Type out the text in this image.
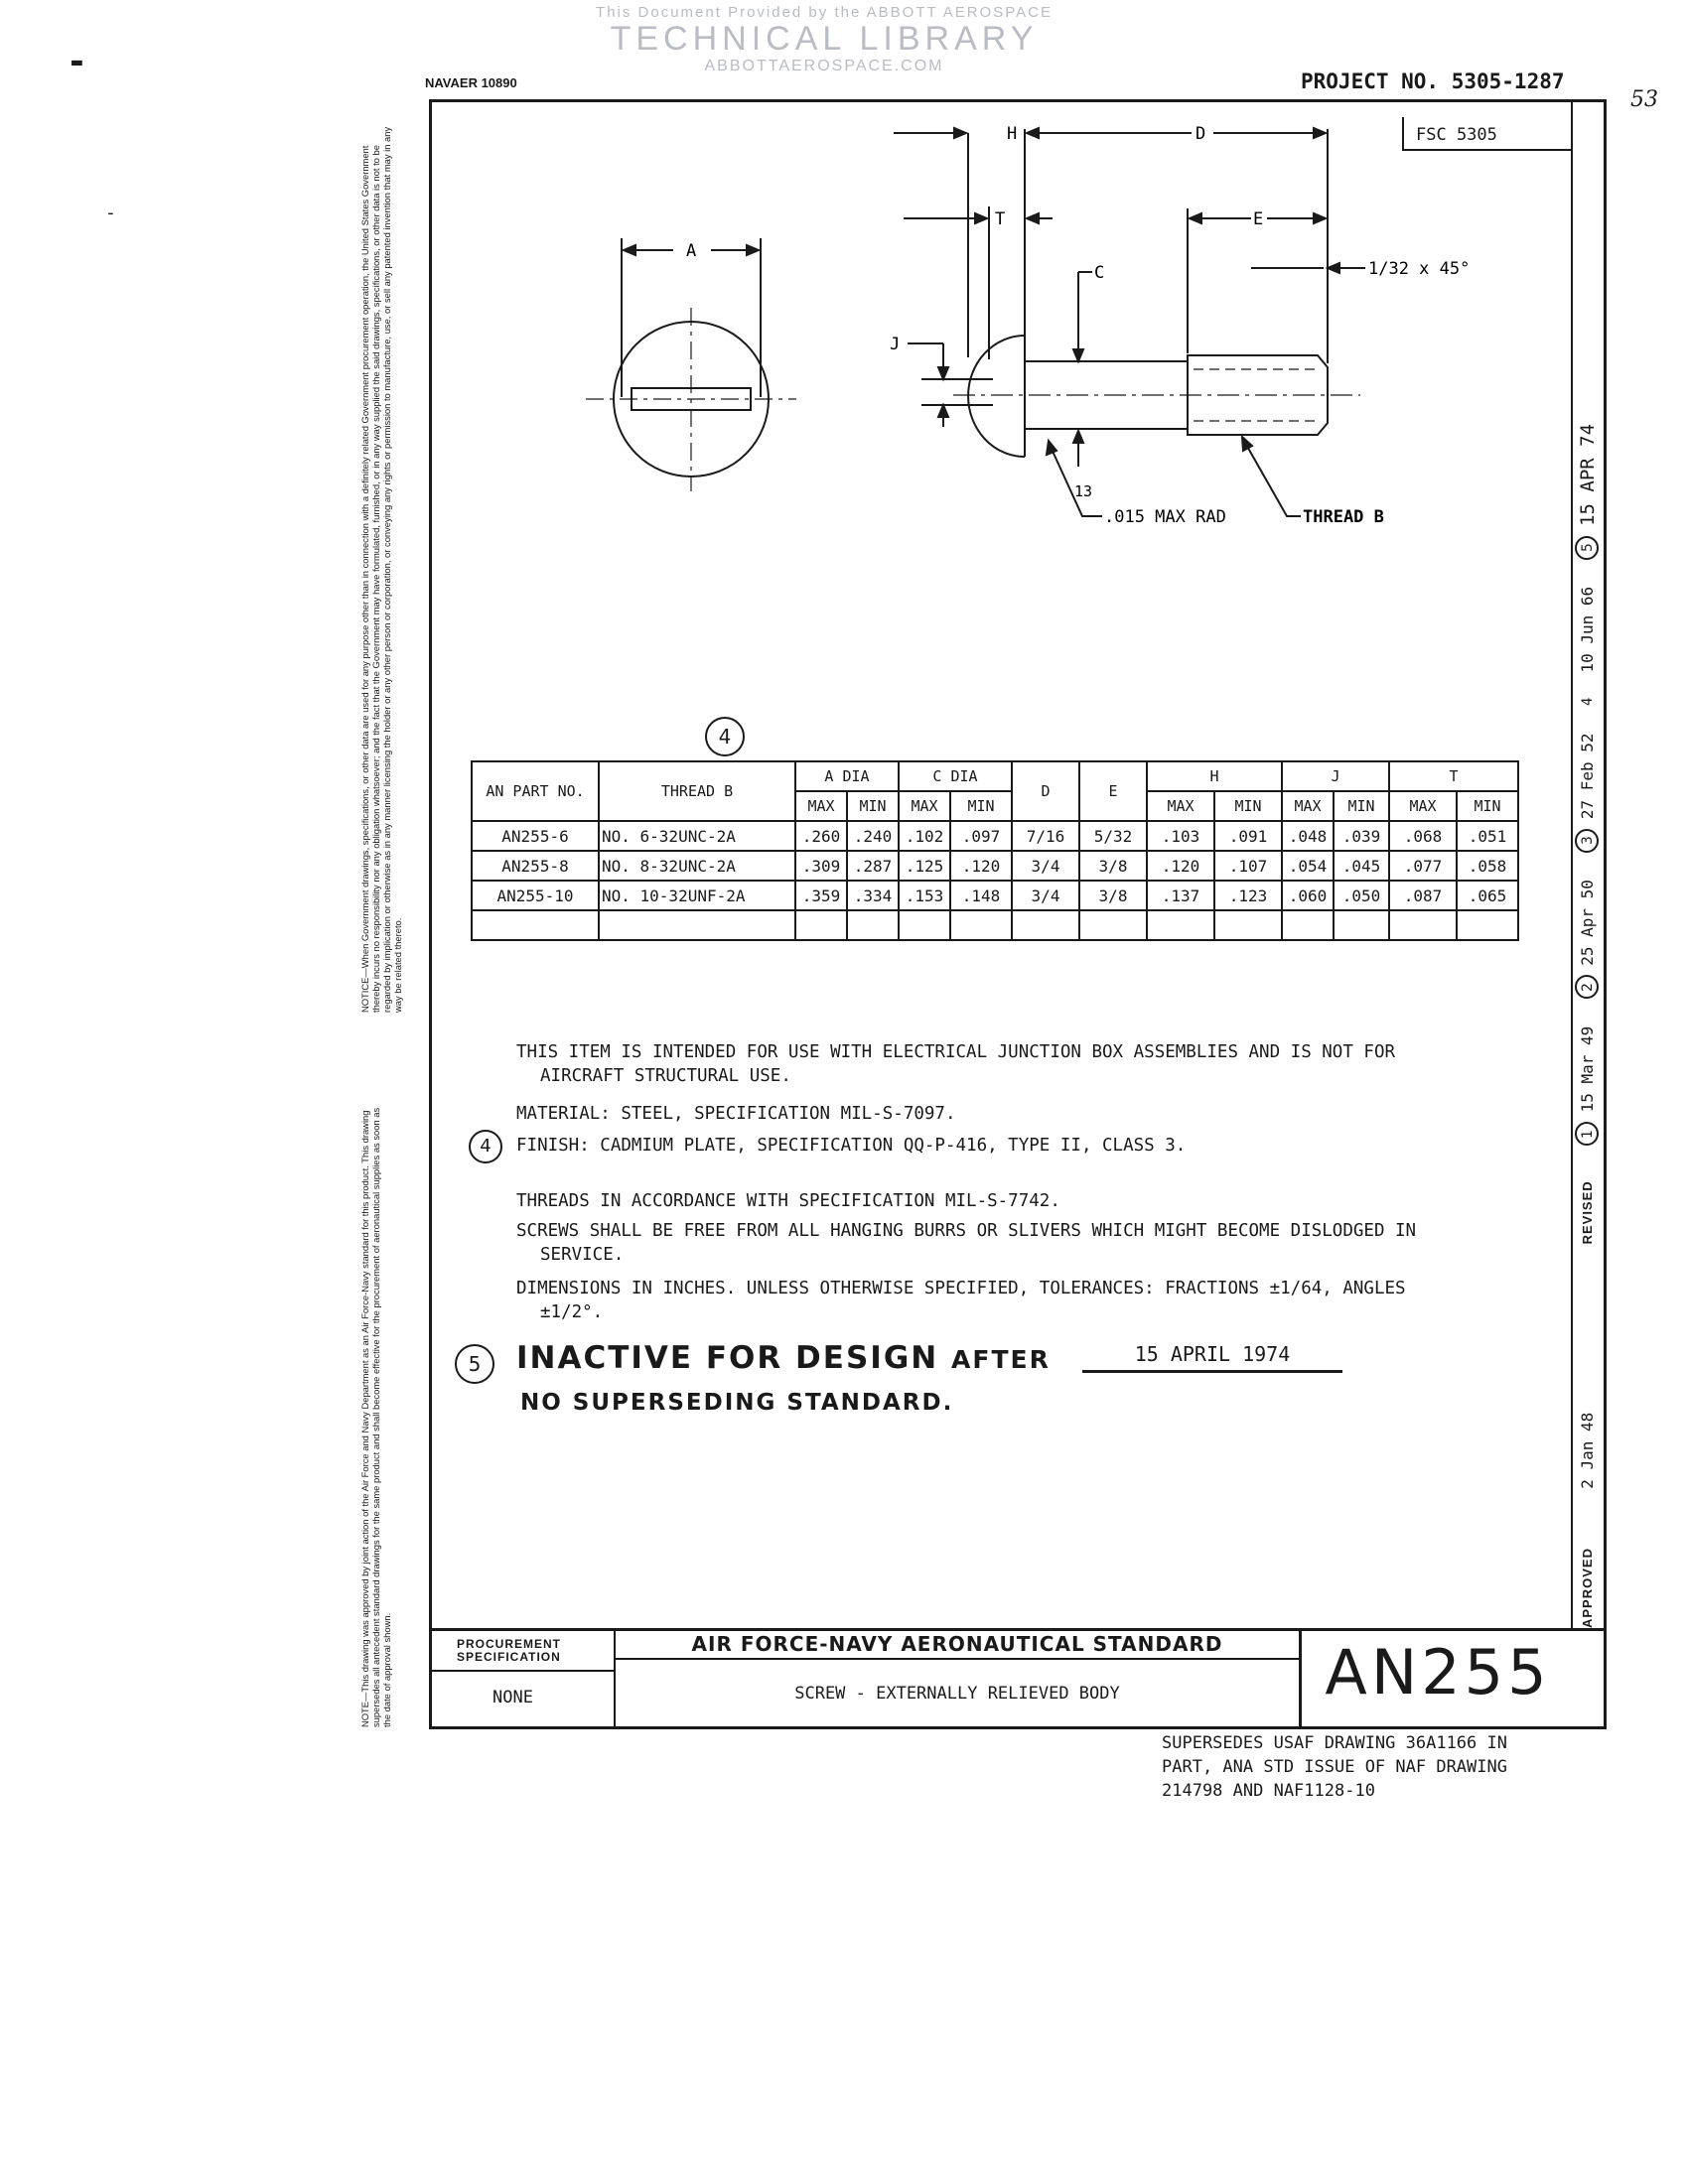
This Document Provided by the ABBOTT AEROSPACE
TECHNICAL LIBRARY
ABBOTTAEROSPACE.COM
▬
-
NAVAER 10890	PROJECT NO. 5305-1287
53
NOTICE—When Government drawings, specifications, or other data are used for any purpose other than in connection with a definitely related Government procurement operation, the United States Government thereby incurs no responsibility nor any obligation whatsoever; and the fact that the Government may have formulated, furnished, or in any way supplied the said drawings, specifications, or other data is not to be regarded by implication or otherwise as in any manner licensing the holder or any other person or corporation, or conveying any rights or permission to manufacture, use, or sell any patented invention that may in any way be related thereto.
NOTE—This drawing was approved by joint action of the Air Force and Navy Department as an Air Force-Navy standard for this product. This drawing supersedes all antecedent standard drawings for the same product and shall become effective for the procurement of aeronautical supplies as soon as the date of approval shown.
FSC 5305
APPROVED  2 Jan 48  REVISED  1 15 Mar 49  2 25 Apr 50  3 27 Feb 52  4 10 Jun 66  5 15 APR 74
A
H	D
T	E
1/32 x 45°
C
J
13
.015 MAX RAD	THREAD B
4
AN PART NO.	THREAD B	A DIA		C DIA		D	E	H		J		T	
		MAX	MIN	MAX	MIN			MAX	MIN	MAX	MIN	MAX	MIN
AN255-6	NO. 6-32UNC-2A	.260	.240	.102	.097	7/16	5/32	.103	.091	.048	.039	.068	.051
AN255-8	NO. 8-32UNC-2A	.309	.287	.125	.120	3/4	3/8	.120	.107	.054	.045	.077	.058
AN255-10	NO. 10-32UNF-2A	.359	.334	.153	.148	3/4	3/8	.137	.123	.060	.050	.087	.065

THIS ITEM IS INTENDED FOR USE WITH ELECTRICAL JUNCTION BOX ASSEMBLIES AND IS NOT FOR
AIRCRAFT STRUCTURAL USE.
MATERIAL: STEEL, SPECIFICATION MIL-S-7097.
4	FINISH: CADMIUM PLATE, SPECIFICATION QQ-P-416, TYPE II, CLASS 3.
THREADS IN ACCORDANCE WITH SPECIFICATION MIL-S-7742.
SCREWS SHALL BE FREE FROM ALL HANGING BURRS OR SLIVERS WHICH MIGHT BECOME DISLODGED IN
SERVICE.
DIMENSIONS IN INCHES. UNLESS OTHERWISE SPECIFIED, TOLERANCES: FRACTIONS ±1/64, ANGLES
±1/2°.
5	INACTIVE FOR DESIGN AFTER	15 APRIL 1974
NO SUPERSEDING STANDARD.
PROCUREMENT SPECIFICATION
NONE
AIR FORCE-NAVY AERONAUTICAL STANDARD
SCREW - EXTERNALLY RELIEVED BODY	AN255
SUPERSEDES USAF DRAWING 36A1166 IN
PART, ANA STD ISSUE OF NAF DRAWING
214798 AND NAF1128-10
